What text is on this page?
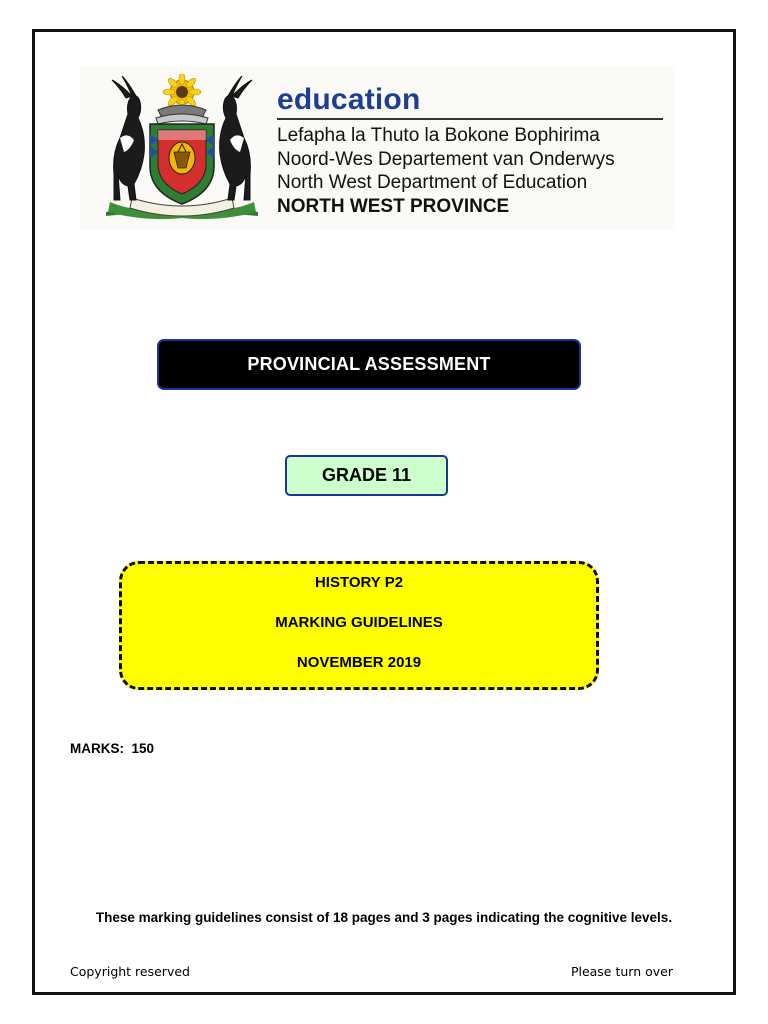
education
Lefapha la Thuto la Bokone Bophirima
Noord-Wes Departement van Onderwys
North West Department of Education
NORTH WEST PROVINCE
PROVINCIAL ASSESSMENT
GRADE 11
HISTORY P2
MARKING GUIDELINES
NOVEMBER 2019
MARKS: 150
These marking guidelines consist of 18 pages and 3 pages indicating the cognitive levels.
Copyright reserved	Please turn over
